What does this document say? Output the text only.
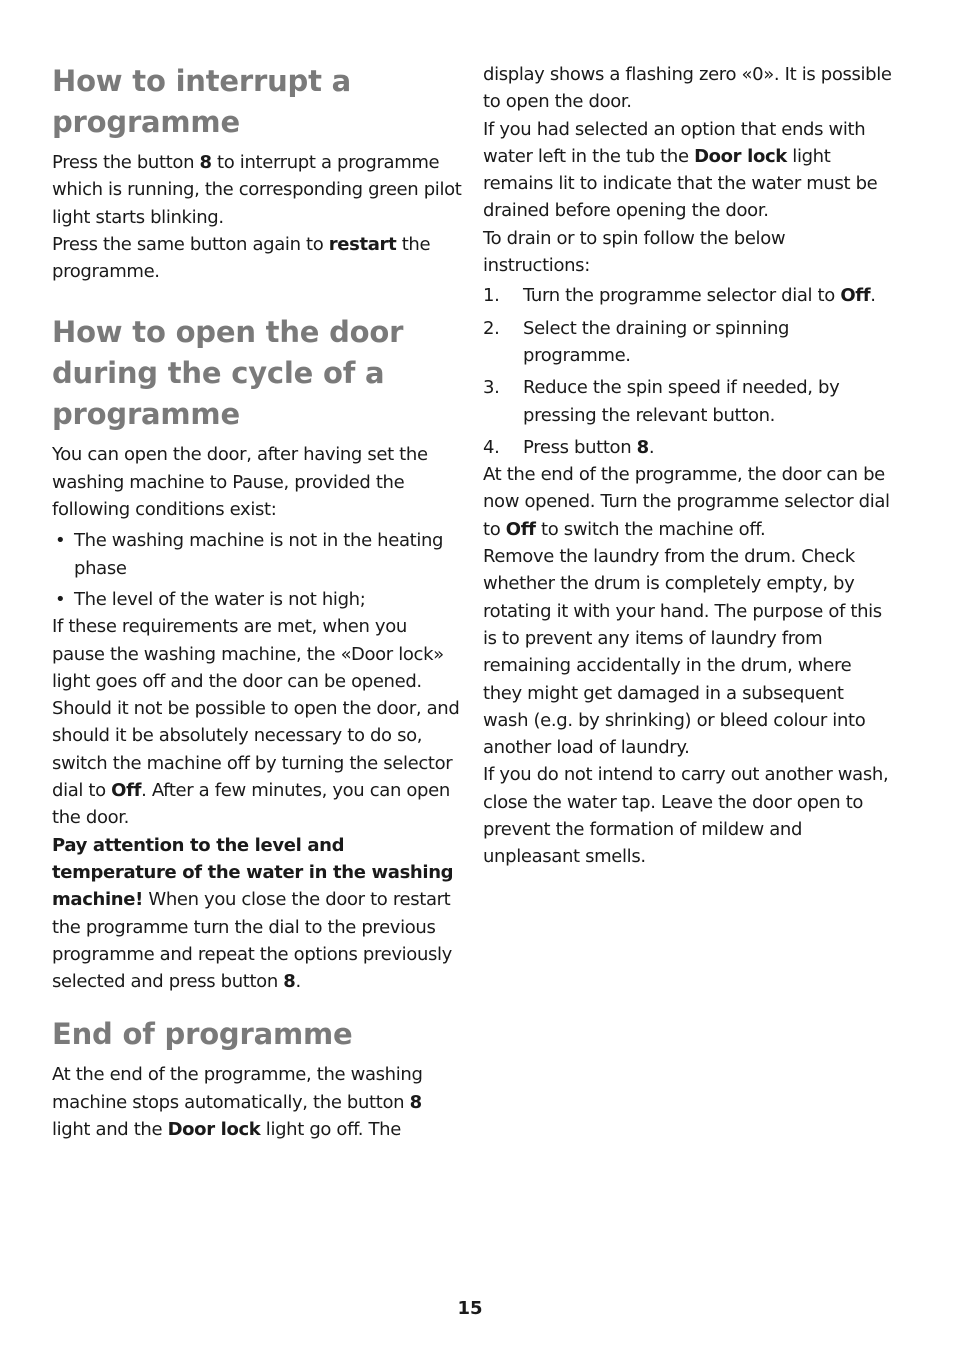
How to interrupt a programme

Press the button 8 to interrupt a programme which is running, the corresponding green pilot light starts blinking.

Press the same button again to restart the programme.

How to open the door during the cycle of a programme

You can open the door, after having set the washing machine to Pause, provided the following conditions exist:

• The washing machine is not in the heating phase
• The level of the water is not high;

If these requirements are met, when you pause the washing machine, the «Door lock» light goes off and the door can be opened.

Should it not be possible to open the door, and should it be absolutely necessary to do so, switch the machine off by turning the selector dial to Off. After a few minutes, you can open the door.

Pay attention to the level and temperature of the water in the washing machine! When you close the door to restart the programme turn the dial to the previous programme and repeat the options previously selected and press button 8.

End of programme

At the end of the programme, the washing machine stops automatically, the button 8 light and the Door lock light go off. The

display shows a flashing zero «0». It is possible to open the door.

If you had selected an option that ends with water left in the tub the Door lock light remains lit to indicate that the water must be drained before opening the door.

To drain or to spin follow the below instructions:

1. Turn the programme selector dial to Off.
2. Select the draining or spinning programme.
3. Reduce the spin speed if needed, by pressing the relevant button.
4. Press button 8.

At the end of the programme, the door can be now opened. Turn the programme selector dial to Off to switch the machine off.

Remove the laundry from the drum. Check whether the drum is completely empty, by rotating it with your hand. The purpose of this is to prevent any items of laundry from remaining accidentally in the drum, where they might get damaged in a subsequent wash (e.g. by shrinking) or bleed colour into another load of laundry.

If you do not intend to carry out another wash, close the water tap. Leave the door open to prevent the formation of mildew and unpleasant smells.

15
